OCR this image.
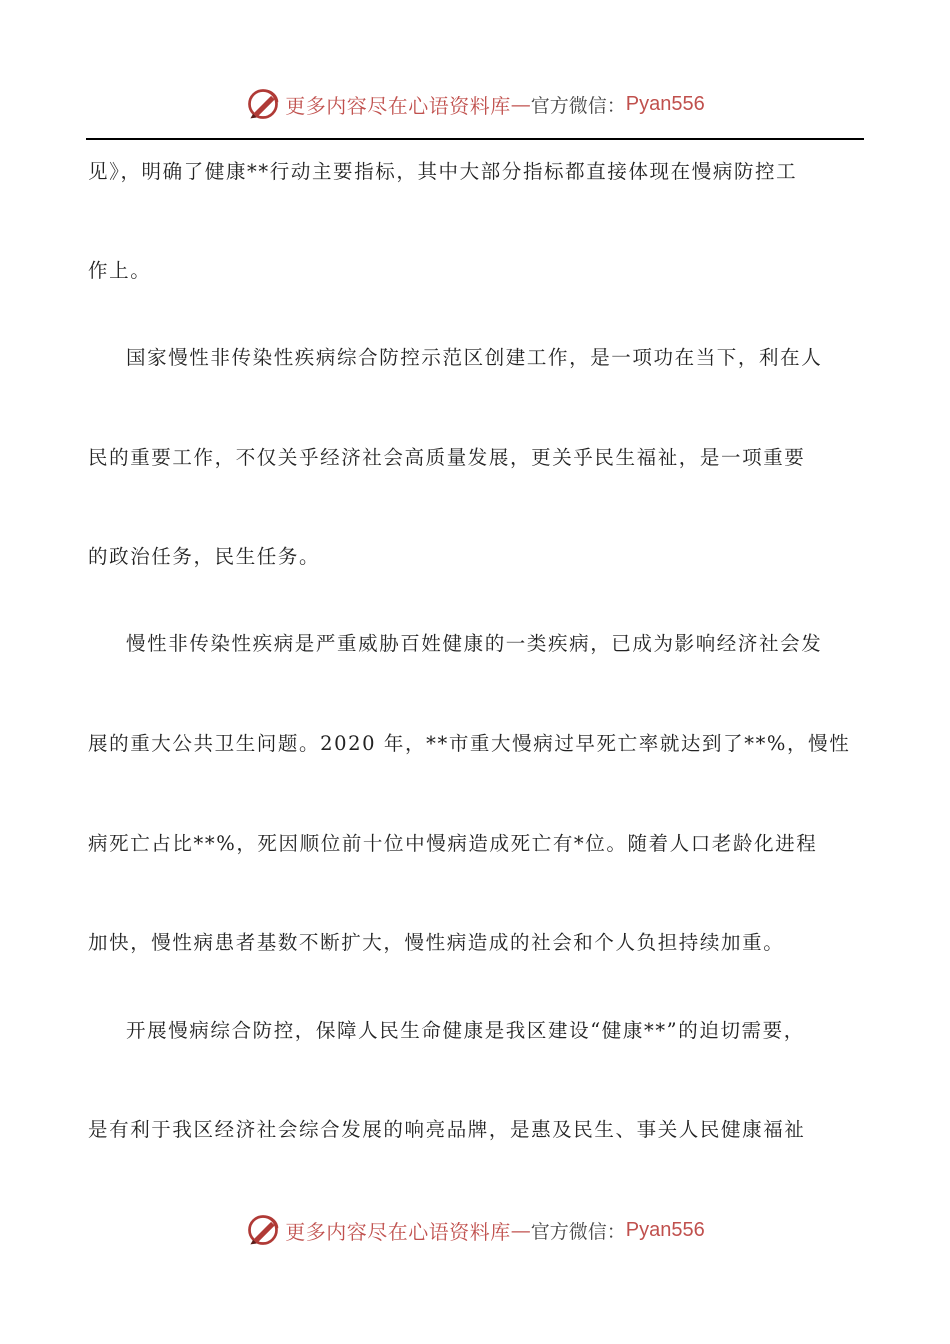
更多内容尽在心语资料库 — 官方微信： Pyan556
见》，明确了健康**行动主要指标，其中大部分指标都直接体现在慢病防控工
作上。
国家慢性非传染性疾病综合防控示范区创建工作，是一项功在当下，利在人
民的重要工作，不仅关乎经济社会高质量发展，更关乎民生福祉，是一项重要
的政治任务，民生任务。
慢性非传染性疾病是严重威胁百姓健康的一类疾病，已成为影响经济社会发
展的重大公共卫生问题。2020 年，**市重大慢病过早死亡率就达到了**%，慢性
病死亡占比**%，死因顺位前十位中慢病造成死亡有*位。随着人口老龄化进程
加快，慢性病患者基数不断扩大，慢性病造成的社会和个人负担持续加重。
开展慢病综合防控，保障人民生命健康是我区建设“健康**”的迫切需要，
是有利于我区经济社会综合发展的响亮品牌，是惠及民生、事关人民健康福祉
更多内容尽在心语资料库 — 官方微信： Pyan556
